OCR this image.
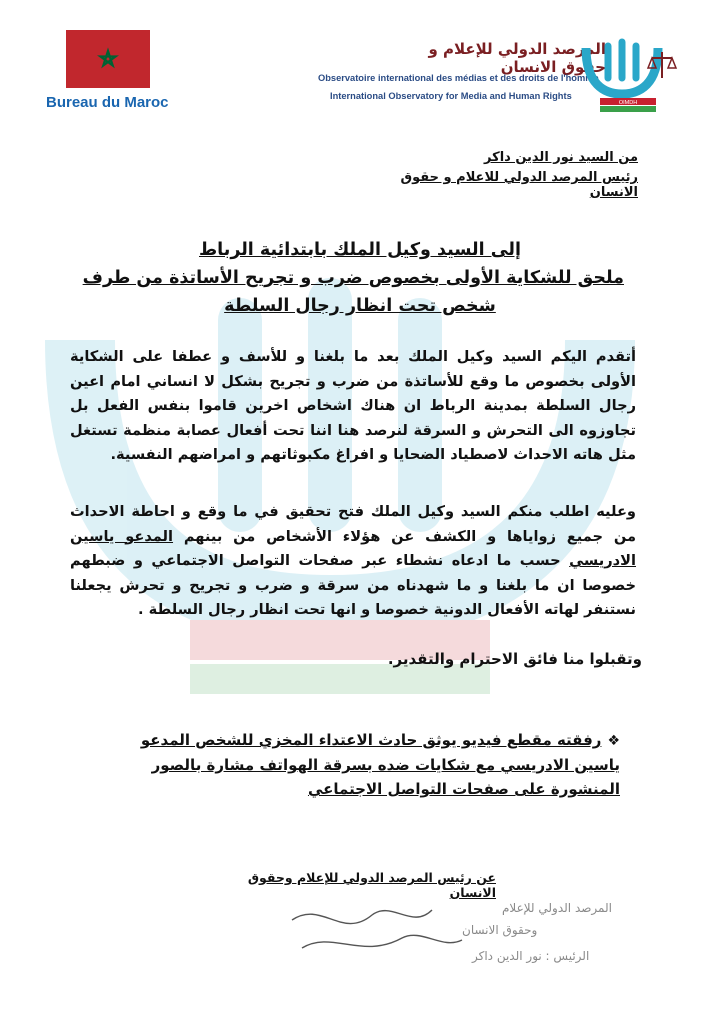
Bureau du Maroc
المرصد الدولي للإعلام و حقوق الانسان
Observatoire international des médias et des droits de l'homme
International Observatory for Media and Human Rights
OIMDH
من السيد نور الدين داكر
رئيس المرصد الدولي للاعلام و حقوق الانسان
إلى السيد وكيل الملك بابتدائية الرباط
ملحق للشكاية الأولى بخصوص ضرب و تجريح الأساتذة من طرف
شخص تحت انظار رجال السلطة
أتقدم اليكم السيد وكيل الملك بعد ما بلغنا و للأسف و عطفا على الشكاية الأولى بخصوص ما وقع للأساتذة من ضرب و تجريح بشكل لا انساني امام اعين رجال السلطة بمدينة الرباط ان هناك اشخاص اخرين قاموا بنفس الفعل بل تجاوزوه الى التحرش و السرقة لنرصد هنا اننا تحت أفعال عصابة منظمة تستغل مثل هاته الاحداث لاصطياد الضحايا و افراغ مكبوثاتهم و امراضهم النفسية.
وعليه اطلب منكم السيد وكيل الملك فتح تحقيق في ما وقع و احاطة الاحداث من جميع زواياها و الكشف عن هؤلاء الأشخاص من بينهم المدعو ياسين الادريسي حسب ما ادعاه نشطاء عبر صفحات التواصل الاجتماعي و ضبطهم خصوصا ان ما بلغنا و ما شهدناه من سرقة و ضرب و تجريح و تحرش يجعلنا نستنفر لهاته الأفعال الدونية خصوصا و انها تحت انظار رجال السلطة .
وتقبلوا منا فائق الاحترام والتقدير.
❖رفقته مقطع فيديو يوثق حادث الاعتداء المخزي للشخص المدعو ياسين الادريسي مع شكايات ضده بسرقة الهواتف مشارة بالصور المنشورة على صفحات التواصل الاجتماعي
عن رئيس المرصد الدولي للإعلام وحقوق الانسان
المرصد الدولي للإعلام
وحقوق الانسان
الرئيس : نور الدين داكر
